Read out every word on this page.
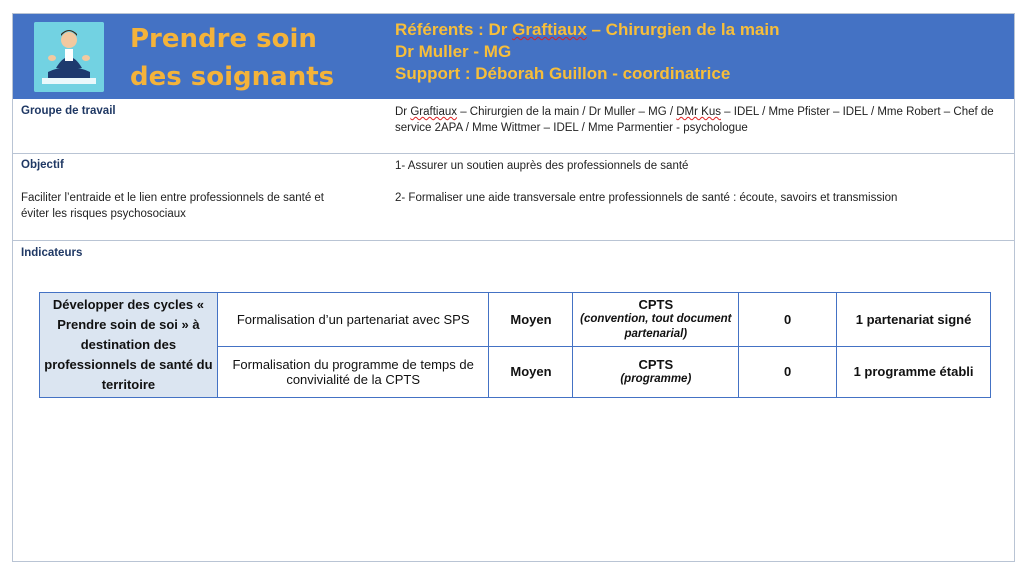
Prendre soin
des soignants
Référents : Dr Graftiaux – Chirurgien de la main
Dr Muller - MG
Support : Déborah Guillon - coordinatrice
Groupe de travail	Dr Graftiaux – Chirurgien de la main / Dr Muller – MG / DMr Kus – IDEL / Mme Pfister – IDEL / Mme Robert – Chef de service 2APA / Mme Wittmer – IDEL / Mme Parmentier - psychologue
Objectif
Faciliter l’entraide et le lien entre professionnels de santé et éviter les risques psychosociaux
1- Assurer un soutien auprès des professionnels de santé
2- Formaliser une aide transversale entre professionnels de santé : écoute, savoirs et transmission
Indicateurs
Développer des cycles « Prendre soin de soi » à destination des professionnels de santé du territoire	Formalisation d’un partenariat avec SPS	Moyen	CPTS
(convention, tout document partenarial)	0	1 partenariat signé
	Formalisation du programme de temps de convivialité de la CPTS	Moyen	CPTS
(programme)	0	1 programme établi
